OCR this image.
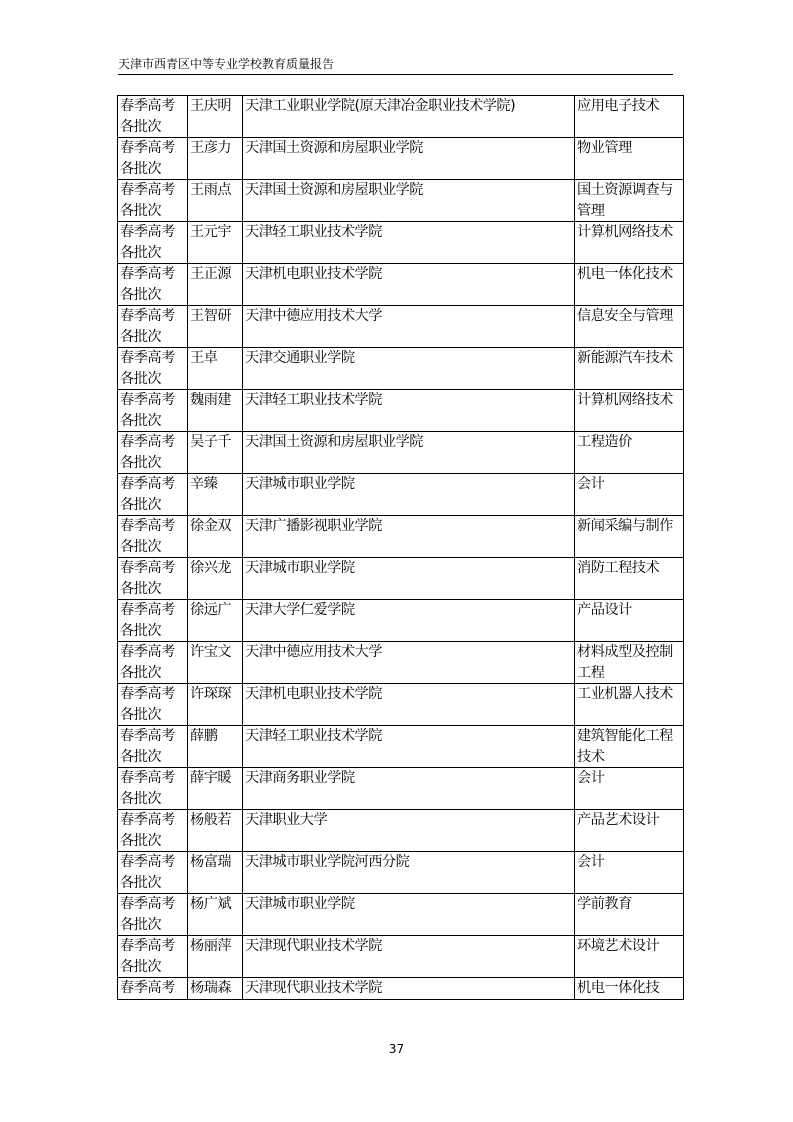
天津市西青区中等专业学校教育质量报告
春季高考各批次	王庆明	天津工业职业学院(原天津冶金职业技术学院)	应用电子技术
春季高考各批次	王彦力	天津国土资源和房屋职业学院	物业管理
春季高考各批次	王雨点	天津国土资源和房屋职业学院	国土资源调查与管理
春季高考各批次	王元宇	天津轻工职业技术学院	计算机网络技术
春季高考各批次	王正源	天津机电职业技术学院	机电一体化技术
春季高考各批次	王智研	天津中德应用技术大学	信息安全与管理
春季高考各批次	王卓	天津交通职业学院	新能源汽车技术
春季高考各批次	魏雨建	天津轻工职业技术学院	计算机网络技术
春季高考各批次	吴子千	天津国土资源和房屋职业学院	工程造价
春季高考各批次	辛臻	天津城市职业学院	会计
春季高考各批次	徐金双	天津广播影视职业学院	新闻采编与制作
春季高考各批次	徐兴龙	天津城市职业学院	消防工程技术
春季高考各批次	徐远广	天津大学仁爱学院	产品设计
春季高考各批次	许宝文	天津中德应用技术大学	材料成型及控制工程
春季高考各批次	许琛琛	天津机电职业技术学院	工业机器人技术
春季高考各批次	薛鹏	天津轻工职业技术学院	建筑智能化工程技术
春季高考各批次	薛宇暖	天津商务职业学院	会计
春季高考各批次	杨般若	天津职业大学	产品艺术设计
春季高考各批次	杨富瑞	天津城市职业学院河西分院	会计
春季高考各批次	杨广斌	天津城市职业学院	学前教育
春季高考各批次	杨丽萍	天津现代职业技术学院	环境艺术设计
春季高考	杨瑞森	天津现代职业技术学院	机电一体化技
37
